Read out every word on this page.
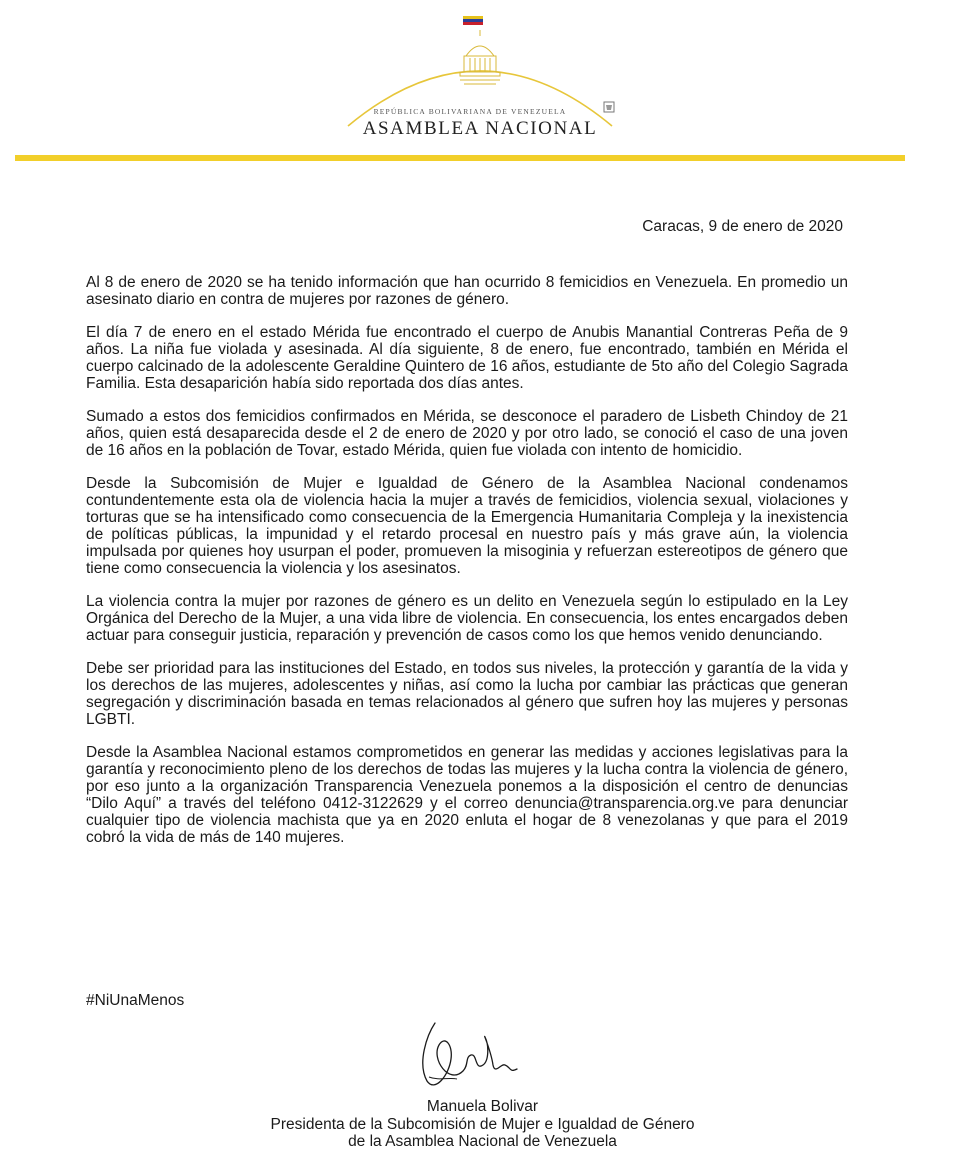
REPÚBLICA BOLIVARIANA DE VENEZUELA
ASAMBLEA NACIONAL
Caracas, 9 de enero de 2020

Al 8 de enero de 2020 se ha tenido información que han ocurrido 8 femicidios en Venezuela. En promedio un asesinato diario en contra de mujeres por razones de género.

El día 7 de enero en el estado Mérida fue encontrado el cuerpo de Anubis Manantial Contreras Peña de 9 años. La niña fue violada y asesinada. Al día siguiente, 8 de enero, fue encontrado, también en Mérida el cuerpo calcinado de la adolescente Geraldine Quintero de 16 años, estudiante de 5to año del Colegio Sagrada Familia. Esta desaparición había sido reportada dos días antes.

Sumado a estos dos femicidios confirmados en Mérida, se desconoce el paradero de Lisbeth Chindoy de 21 años, quien está desaparecida desde el 2 de enero de 2020 y por otro lado, se conoció el caso de una joven de 16 años en la población de Tovar, estado Mérida, quien fue violada con intento de homicidio.

Desde la Subcomisión de Mujer e Igualdad de Género de la Asamblea Nacional condenamos contundentemente esta ola de violencia hacia la mujer a través de femicidios, violencia sexual, violaciones y torturas que se ha intensificado como consecuencia de la Emergencia Humanitaria Compleja y la inexistencia de políticas públicas, la impunidad y el retardo procesal en nuestro país y más grave aún, la violencia impulsada por quienes hoy usurpan el poder, promueven la misoginia y refuerzan estereotipos de género que tiene como consecuencia la violencia y los asesinatos.

La violencia contra la mujer por razones de género es un delito en Venezuela según lo estipulado en la Ley Orgánica del Derecho de la Mujer, a una vida libre de violencia. En consecuencia, los entes encargados deben actuar para conseguir justicia, reparación y prevención de casos como los que hemos venido denunciando.

Debe ser prioridad para las instituciones del Estado, en todos sus niveles, la protección y garantía de la vida y los derechos de las mujeres, adolescentes y niñas, así como la lucha por cambiar las prácticas que generan segregación y discriminación basada en temas relacionados al género que sufren hoy las mujeres y personas LGBTI.

Desde la Asamblea Nacional estamos comprometidos en generar las medidas y acciones legislativas para la garantía y reconocimiento pleno de los derechos de todas las mujeres y la lucha contra la violencia de género, por eso junto a la organización Transparencia Venezuela ponemos a la disposición el centro de denuncias “Dilo Aquí” a través del teléfono 0412-3122629 y el correo denuncia@transparencia.org.ve para denunciar cualquier tipo de violencia machista que ya en 2020 enluta el hogar de 8 venezolanas y que para el 2019 cobró la vida de más de 140 mujeres.

#NiUnaMenos
Manuela Bolivar
Presidenta de la Subcomisión de Mujer e Igualdad de Género
de la Asamblea Nacional de Venezuela
